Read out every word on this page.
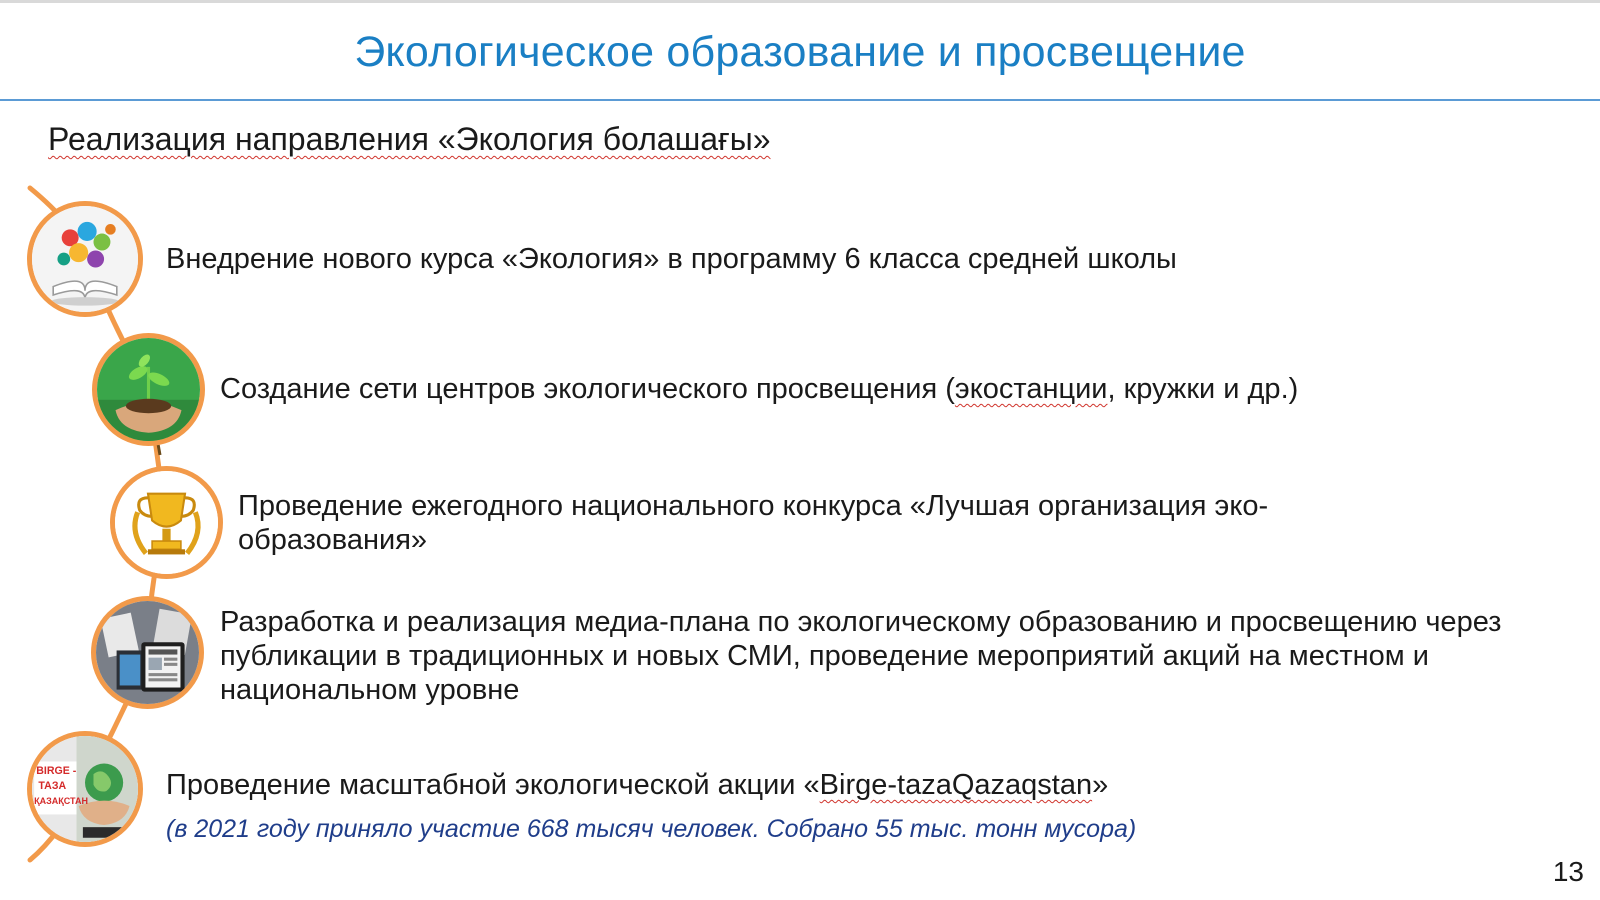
Экологическое образование и просвещение
Реализация направления «Экология болашағы»
BIRGE -
ТАЗА
ҚАЗАҚСТАН
Внедрение нового курса «Экология» в программу 6 класса средней школы
Создание сети центров экологического просвещения (экостанции, кружки и др.)
Проведение ежегодного национального конкурса «Лучшая организация эко-образования»
Разработка и реализация медиа-плана по экологическому образованию и просвещению через публикации в традиционных и новых СМИ, проведение мероприятий акций на местном и национальном уровне
Проведение масштабной экологической акции «Birge-tazaQazaqstan»
(в 2021 году приняло участие 668 тысяч человек. Собрано 55 тыс. тонн мусора)
13
